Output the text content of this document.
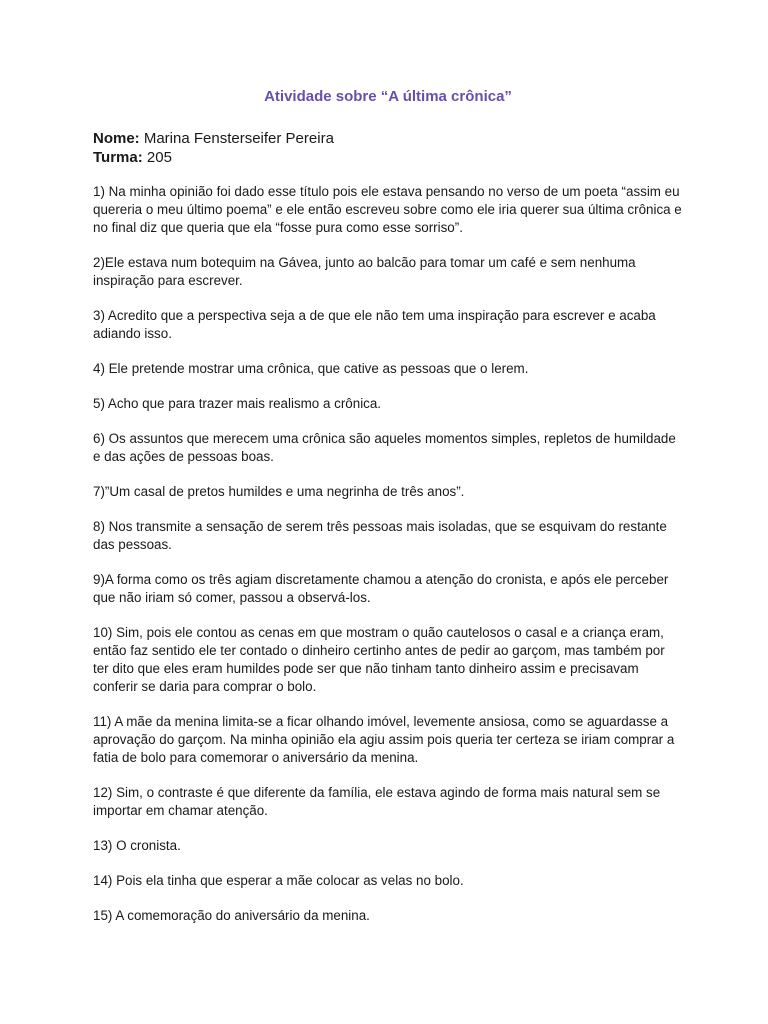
Atividade sobre “A última crônica”

Nome: Marina Fensterseifer Pereira

Turma: 205

1) Na minha opinião foi dado esse título pois ele estava pensando no verso de um poeta “assim eu quereria o meu último poema” e ele então escreveu sobre como ele iria querer sua última crônica e no final diz que queria que ela “fosse pura como esse sorriso”.

2)Ele estava num botequim na Gávea, junto ao balcão para tomar um café e sem nenhuma inspiração para escrever.

3) Acredito que a perspectiva seja a de que ele não tem uma inspiração para escrever e acaba adiando isso.

4) Ele pretende mostrar uma crônica, que cative as pessoas que o lerem.

5) Acho que para trazer mais realismo a crônica.

6) Os assuntos que merecem uma crônica são aqueles momentos simples, repletos de humildade e das ações de pessoas boas.

7)”Um casal de pretos humildes e uma negrinha de três anos”.

8) Nos transmite a sensação de serem três pessoas mais isoladas, que se esquivam do restante das pessoas.

9)A forma como os três agiam discretamente chamou a atenção do cronista, e após ele perceber que não iriam só comer, passou a observá-los.

10) Sim, pois ele contou as cenas em que mostram o quão cautelosos o casal e a criança eram, então faz sentido ele ter contado o dinheiro certinho antes de pedir ao garçom, mas também por ter dito que eles eram humildes pode ser que não tinham tanto dinheiro assim e precisavam conferir se daria para comprar o bolo.

11) A mãe da menina limita-se a ficar olhando imóvel, levemente ansiosa, como se aguardasse a aprovação do garçom. Na minha opinião ela agiu assim pois queria ter certeza se iriam comprar a fatia de bolo para comemorar o aniversário da menina.

12) Sim, o contraste é que diferente da família, ele estava agindo de forma mais natural sem se importar em chamar atenção.

13) O cronista.

14) Pois ela tinha que esperar a mãe colocar as velas no bolo.

15) A comemoração do aniversário da menina.
